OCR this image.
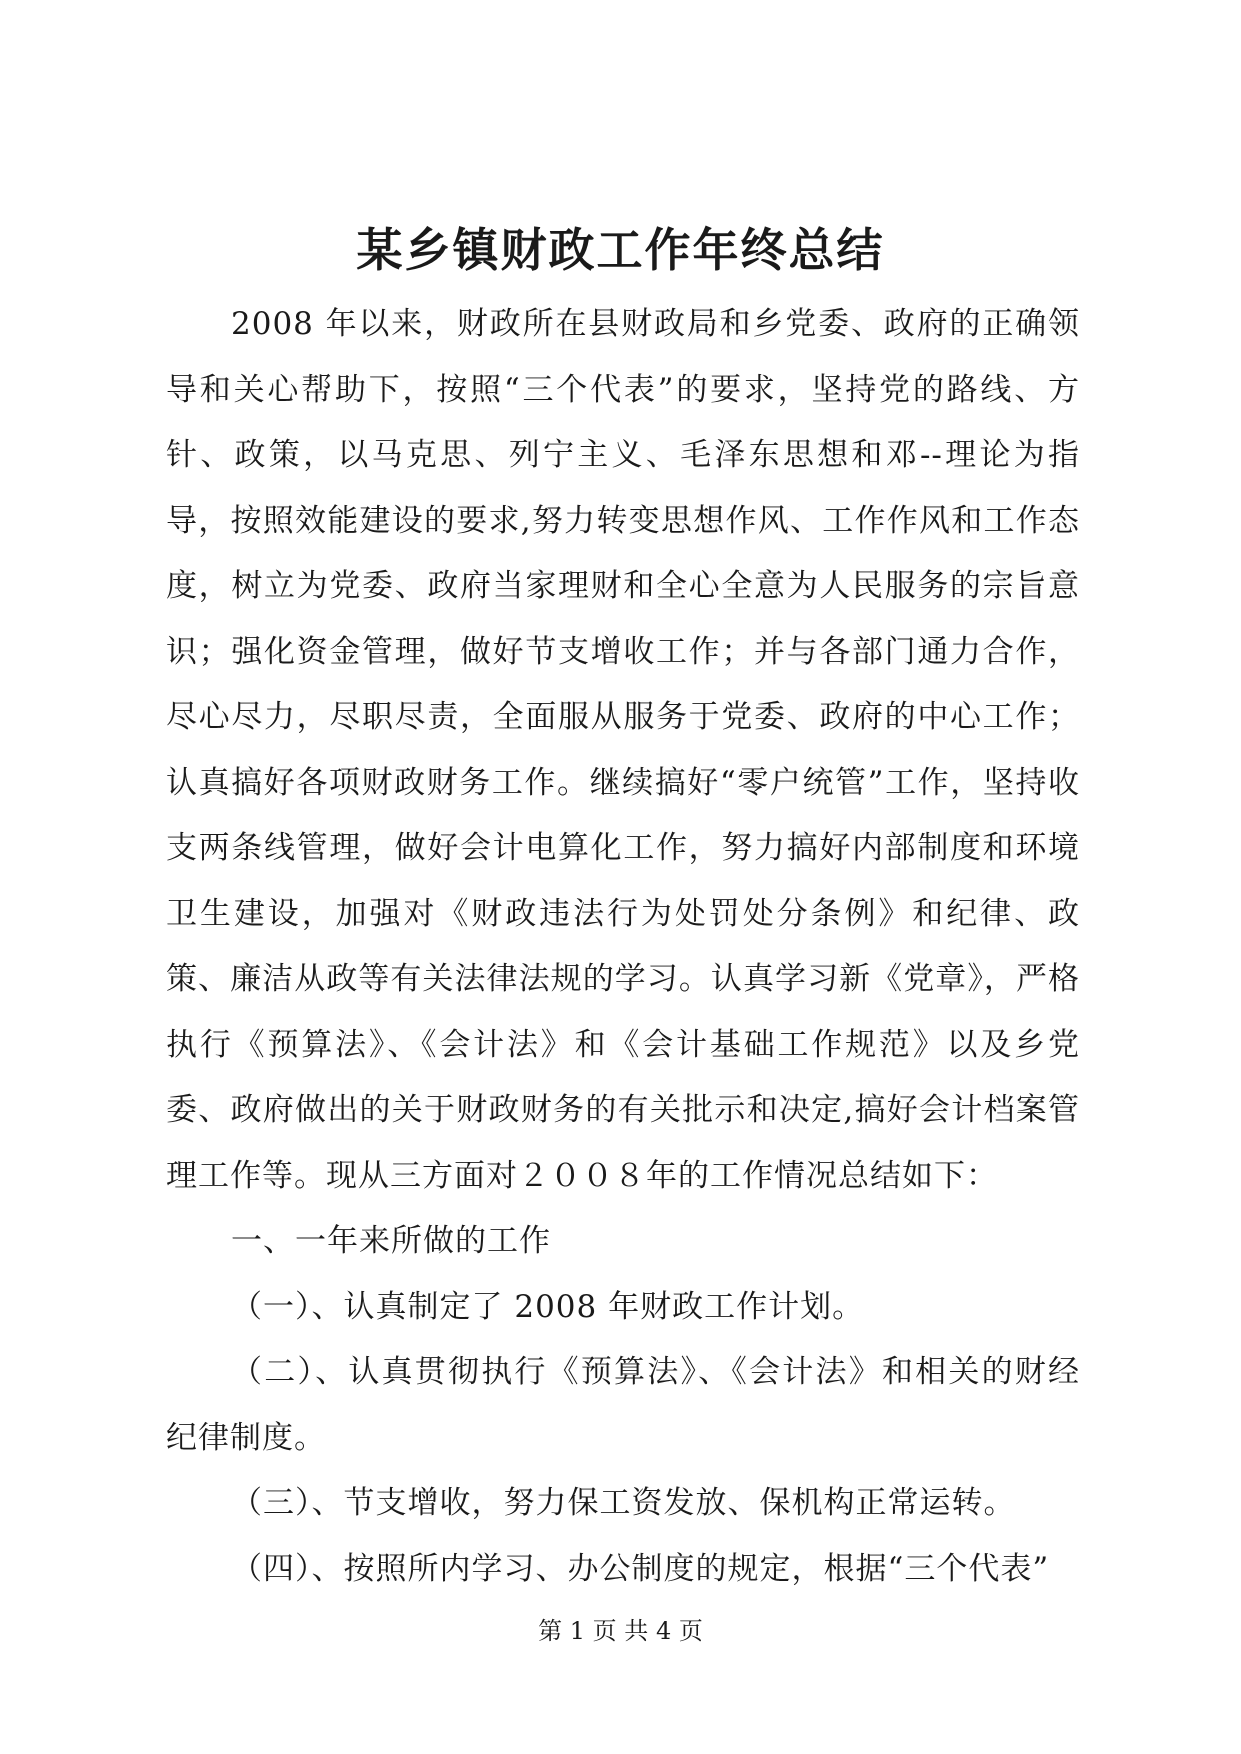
某乡镇财政工作年终总结

2008 年以来，财政所在县财政局和乡党委、政府的正确领导和关心帮助下，按照“三个代表”的要求，坚持党的路线、方针、政策，以马克思、列宁主义、毛泽东思想和邓--理论为指导，按照效能建设的要求,努力转变思想作风、工作作风和工作态度，树立为党委、政府当家理财和全心全意为人民服务的宗旨意识；强化资金管理，做好节支增收工作；并与各部门通力合作，尽心尽力，尽职尽责，全面服从服务于党委、政府的中心工作；认真搞好各项财政财务工作。继续搞好“零户统管”工作，坚持收支两条线管理，做好会计电算化工作，努力搞好内部制度和环境卫生建设，加强对《财政违法行为处罚处分条例》和纪律、政策、廉洁从政等有关法律法规的学习。认真学习新《党章》，严格执行《预算法》、《会计法》和《会计基础工作规范》以及乡党委、政府做出的关于财政财务的有关批示和决定,搞好会计档案管理工作等。现从三方面对２００８年的工作情况总结如下：

一、一年来所做的工作

（一）、认真制定了 2008 年财政工作计划。

（二）、认真贯彻执行《预算法》、《会计法》和相关的财经纪律制度。

（三）、节支增收，努力保工资发放、保机构正常运转。

（四）、按照所内学习、办公制度的规定，根据“三个代表”

第 1 页 共 4 页
